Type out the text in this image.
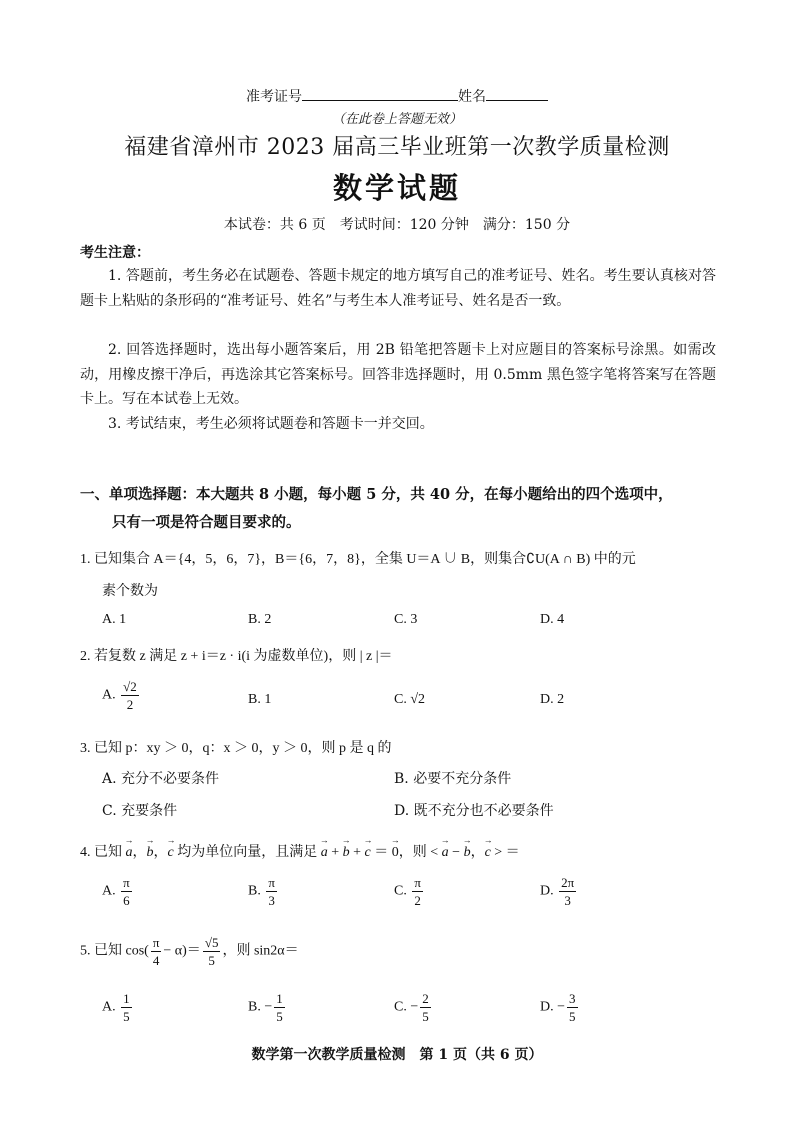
准考证号	姓名
（在此卷上答题无效）
福建省漳州市 2023 届高三毕业班第一次教学质量检测
数学试题
本试卷：共 6 页　考试时间：120 分钟　满分：150 分
考生注意：
1. 答题前，考生务必在试题卷、答题卡规定的地方填写自己的准考证号、姓名。考生要认真核对答题卡上粘贴的条形码的“准考证号、姓名”与考生本人准考证号、姓名是否一致。
2. 回答选择题时，选出每小题答案后，用 2B 铅笔把答题卡上对应题目的答案标号涂黑。如需改动，用橡皮擦干净后，再选涂其它答案标号。回答非选择题时，用 0.5mm 黑色签字笔将答案写在答题卡上。写在本试卷上无效。
3. 考试结束，考生必须将试题卷和答题卡一并交回。
一、单项选择题：本大题共 8 小题，每小题 5 分，共 40 分，在每小题给出的四个选项中，
只有一项是符合题目要求的。
1. 已知集合 A＝{4，5，6，7}，B＝{6，7，8}，全集 U＝A ∪ B，则集合∁U(A ∩ B) 中的元
素个数为
A. 1	B. 2	C. 3	D. 4
2. 若复数 z 满足 z + i＝z · i(i 为虚数单位)，则 | z |＝
A. $\frac{√2}{2}$	B. 1	C. √2	D. 2
3. 已知 p：xy ＞ 0，q：x ＞ 0，y ＞ 0，则 p 是 q 的
A. 充分不必要条件	B. 必要不充分条件
C. 充要条件	D. 既不充分也不必要条件
4. 已知 → a，→ b，→ c 均为单位向量，且满足 → a + → b + → c ＝ → 0，则 < → a − → b，→ c > ＝
A. $\frac{\pi}{6}$	B. $\frac{\pi}{3}$	C. $\frac{\pi}{2}$	D. $\frac{2\pi}{3}$
5. 已知 $\cos( \frac{\pi}{4} - \alpha)= \frac{√5}{5}$ ，则 sin2α＝
A. $\frac{1}{5}$	B. − $\frac{1}{5}$	C. − $\frac{2}{5}$	D. − $\frac{3}{5}$
数学第一次教学质量检测　第 1 页（共 6 页）
